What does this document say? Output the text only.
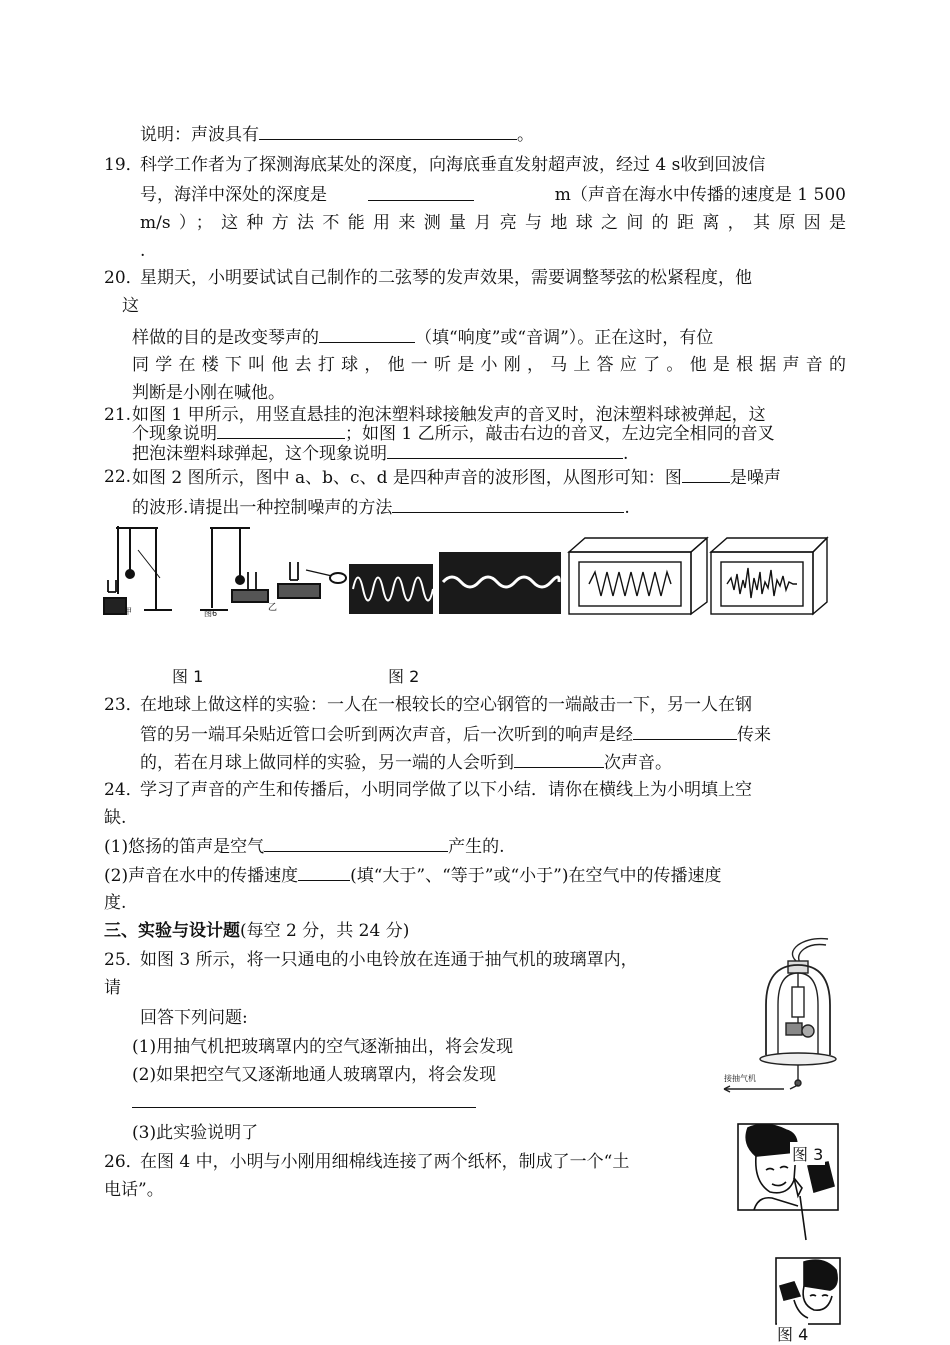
说明：声波具有	。
19．
科学工作者为了探测海底某处的深度，向海底垂直发射超声波，经过 4 s收到回波信
号，海洋中深处的深度是	m（声音在海水中传播的速度是 1 500
m/s）；这种方法不能用来测量月亮与地球之间的距离，其原因是
.
20．
星期天，小明要试试自己制作的二弦琴的发声效果，需要调整琴弦的松紧程度，他
这
样做的目的是改变琴声的	（填“响度”或“音调”）。正在这时，有位
同学在楼下叫他去打球，他一听是小刚，马上答应了。他是根据声音的
判断是小刚在喊他。
21. 如图 1 甲所示，用竖直悬挂的泡沫塑料球接触发声的音叉时，泡沫塑料球被弹起，这
个现象说明	；如图 1 乙所示，敲击右边的音叉，左边完全相同的音叉
把泡沫塑料球弹起，这个现象说明	.
22. 如图 2 图所示，图中 a、b、c、d 是四种声音的波形图，从图形可知：图	是噪声
的波形.请提出一种控制噪声的方法	.
甲	图6
乙
图 1	图 2
23．
在地球上做这样的实验：一人在一根较长的空心钢管的一端敲击一下，另一人在钢
管的另一端耳朵贴近管口会听到两次声音，后一次听到的响声是经	传来
的，若在月球上做同样的实验，另一端的人会听到	次声音。
24．
学习了声音的产生和传播后，小明同学做了以下小结．请你在横线上为小明填上空
缺.
(1)悠扬的笛声是空气	产生的.
(2)声音在水中的传播速度	(填“大于”、“等于”或“小于”)在空气中的传播速度
度.
三、实验与设计题(每空 2 分，共 24 分)
25．
如图 3 所示，将一只通电的小电铃放在连通于抽气机的玻璃罩内，
请
回答下列问题:
(1)用抽气机把玻璃罩内的空气逐渐抽出，将会发现
(2)如果把空气又逐渐地通人玻璃罩内，将会发现
(3)此实验说明了
接抽气机
图 3
26．
在图 4 中，小明与小刚用细棉线连接了两个纸杯，制成了一个“土
电话”。
图 4
